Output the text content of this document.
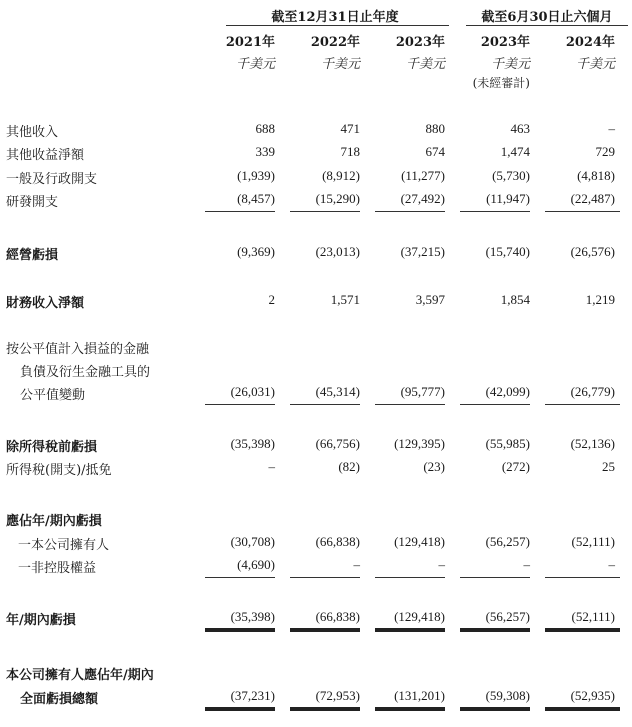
截至12月31日止年度	截至6月30日止六個月
2021年	2022年	2023年	2023年	2024年
千美元	千美元	千美元	千美元	千美元
(未經審計)
其他收入	688	471	880	463	–
其他收益淨額	339	718	674	1,474	729
一般及行政開支	(1,939)	(8,912)	(11,277)	(5,730)	(4,818)
研發開支	(8,457)	(15,290)	(27,492)	(11,947)	(22,487)
經營虧損	(9,369)	(23,013)	(37,215)	(15,740)	(26,576)
財務收入淨額	2	1,571	3,597	1,854	1,219
按公平值計入損益的金融
負債及衍生金融工具的
公平值變動	(26,031)	(45,314)	(95,777)	(42,099)	(26,779)
除所得稅前虧損	(35,398)	(66,756)	(129,395)	(55,985)	(52,136)
所得稅(開支)/抵免	–	(82)	(23)	(272)	25
應佔年/期內虧損
一本公司擁有人	(30,708)	(66,838)	(129,418)	(56,257)	(52,111)
一非控股權益	(4,690)	–	–	–	–
年/期內虧損	(35,398)	(66,838)	(129,418)	(56,257)	(52,111)
本公司擁有人應佔年/期內
全面虧損總額	(37,231)	(72,953)	(131,201)	(59,308)	(52,935)
